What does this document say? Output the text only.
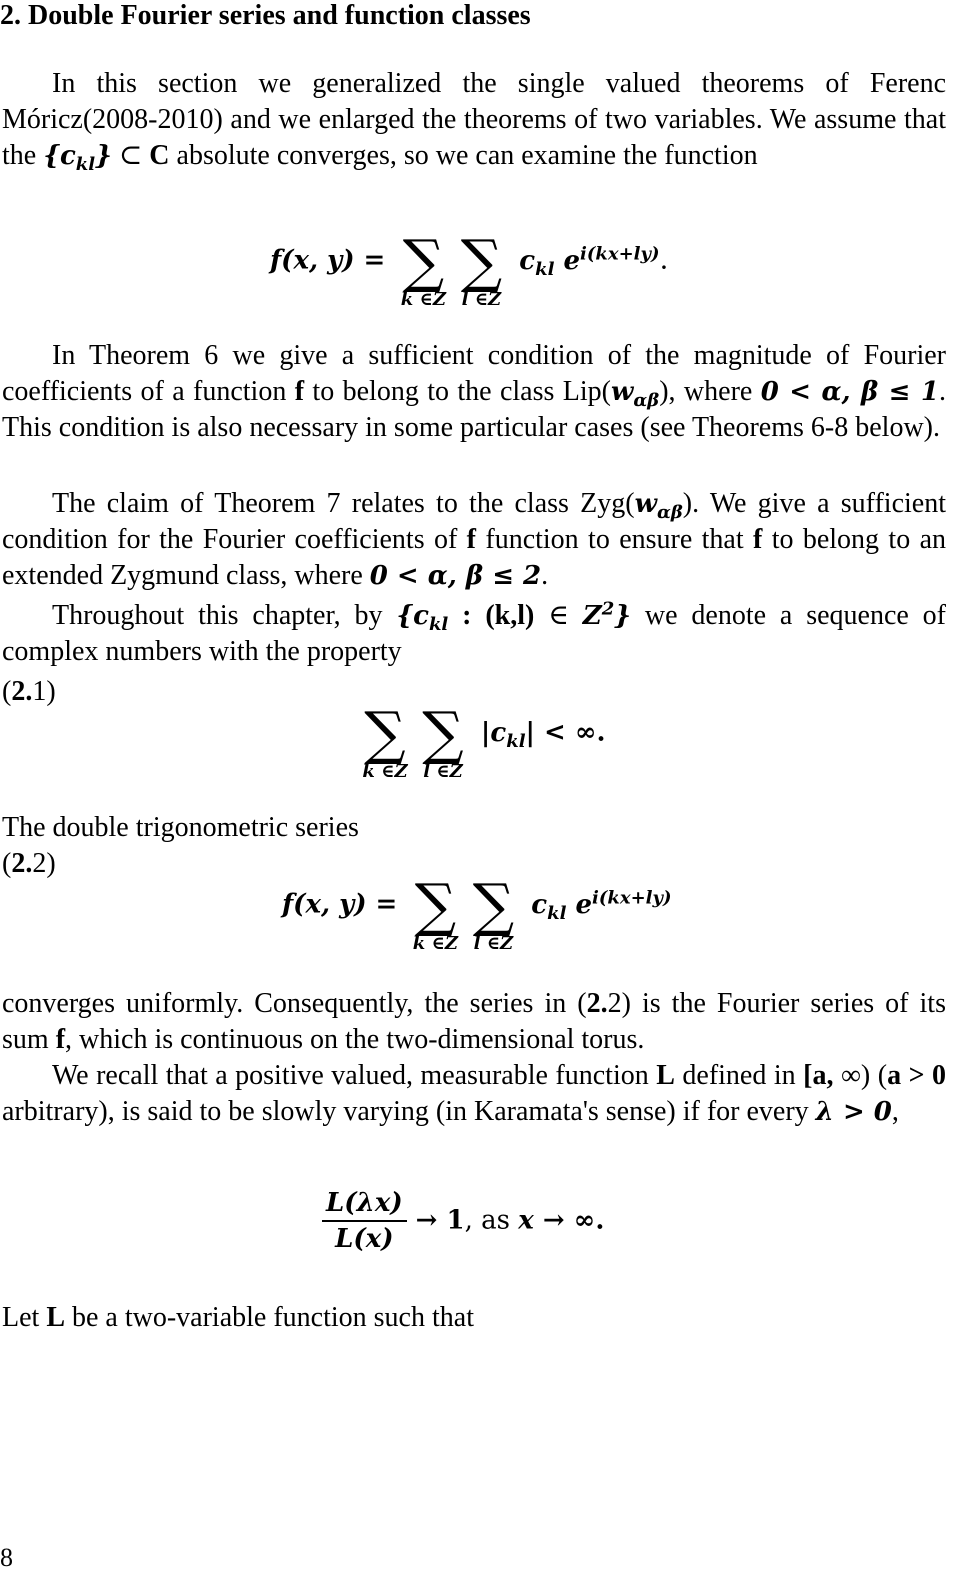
2. Double Fourier series and function classes
In this section we generalized the single valued theorems of Ferenc Móricz(2008-2010) and we enlarged the theorems of two variables. We assume that the $\{c_{kl}\}$ ⊂ C absolute converges, so we can examine the function
f(x, y) = ∑
k ∈Z
∑
l ∈Z
$c_{kl}$ $e^{i(kx+ly)}$.
In Theorem 6 we give a sufficient condition of the magnitude of Fourier coefficients of a function f to belong to the class $Lip(w_{\alpha\beta})$, where 0 < α, β ≤ 1. This condition is also necessary in some particular cases (see Theorems 6-8 below).
The claim of Theorem 7 relates to the class $Zyg(w_{\alpha\beta})$. We give a sufficient condition for the Fourier coefficients of f function to ensure that f to belong to an extended Zygmund class, where 0 < α, β ≤ 2.
Throughout this chapter, by {$c_{kl}$ : (k,l) ∈ $Z^2$} we denote a sequence of complex numbers with the property
(2.1)
∑
k ∈Z
∑
l ∈Z
$|c_{kl}|$ < ∞.
The double trigonometric series
(2.2)
f(x, y) = ∑
k ∈Z
∑
l ∈Z
$c_{kl}$ $e^{i(kx+ly)}$
converges uniformly. Consequently, the series in (2.2) is the Fourier series of its sum f, which is continuous on the two-dimensional torus.
We recall that a positive valued, measurable function L defined in [a, ∞) (a > 0 arbitrary), is said to be slowly varying (in Karamata's sense) if for every λ > 0,
$\frac{L(\lambda x)}{L(x)} \to 1$, as x → ∞.
Let L be a two-variable function such that
8
